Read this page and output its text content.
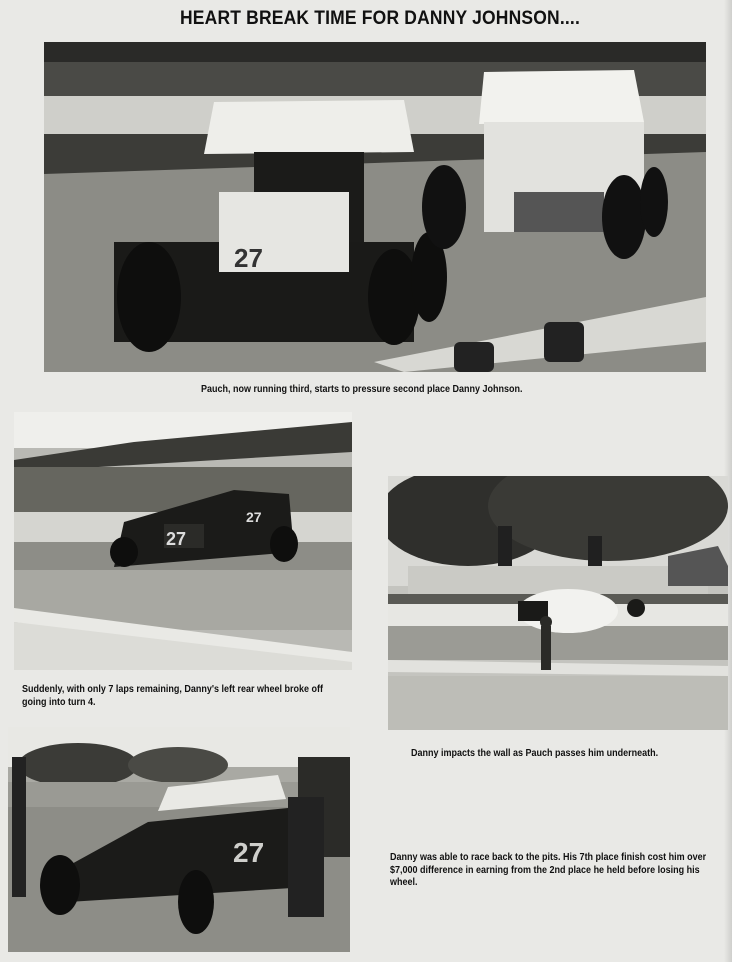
HEART BREAK TIME FOR DANNY JOHNSON....
27
Pauch, now running third, starts to pressure second place Danny Johnson.
27
27
Suddenly, with only 7 laps remaining, Danny's left rear wheel broke off going into turn 4.
Danny impacts the wall as Pauch passes him underneath.
27	Danny was able to race back to the pits. His 7th place finish cost him over $7,000 difference in earning from the 2nd place he held before losing his wheel.
